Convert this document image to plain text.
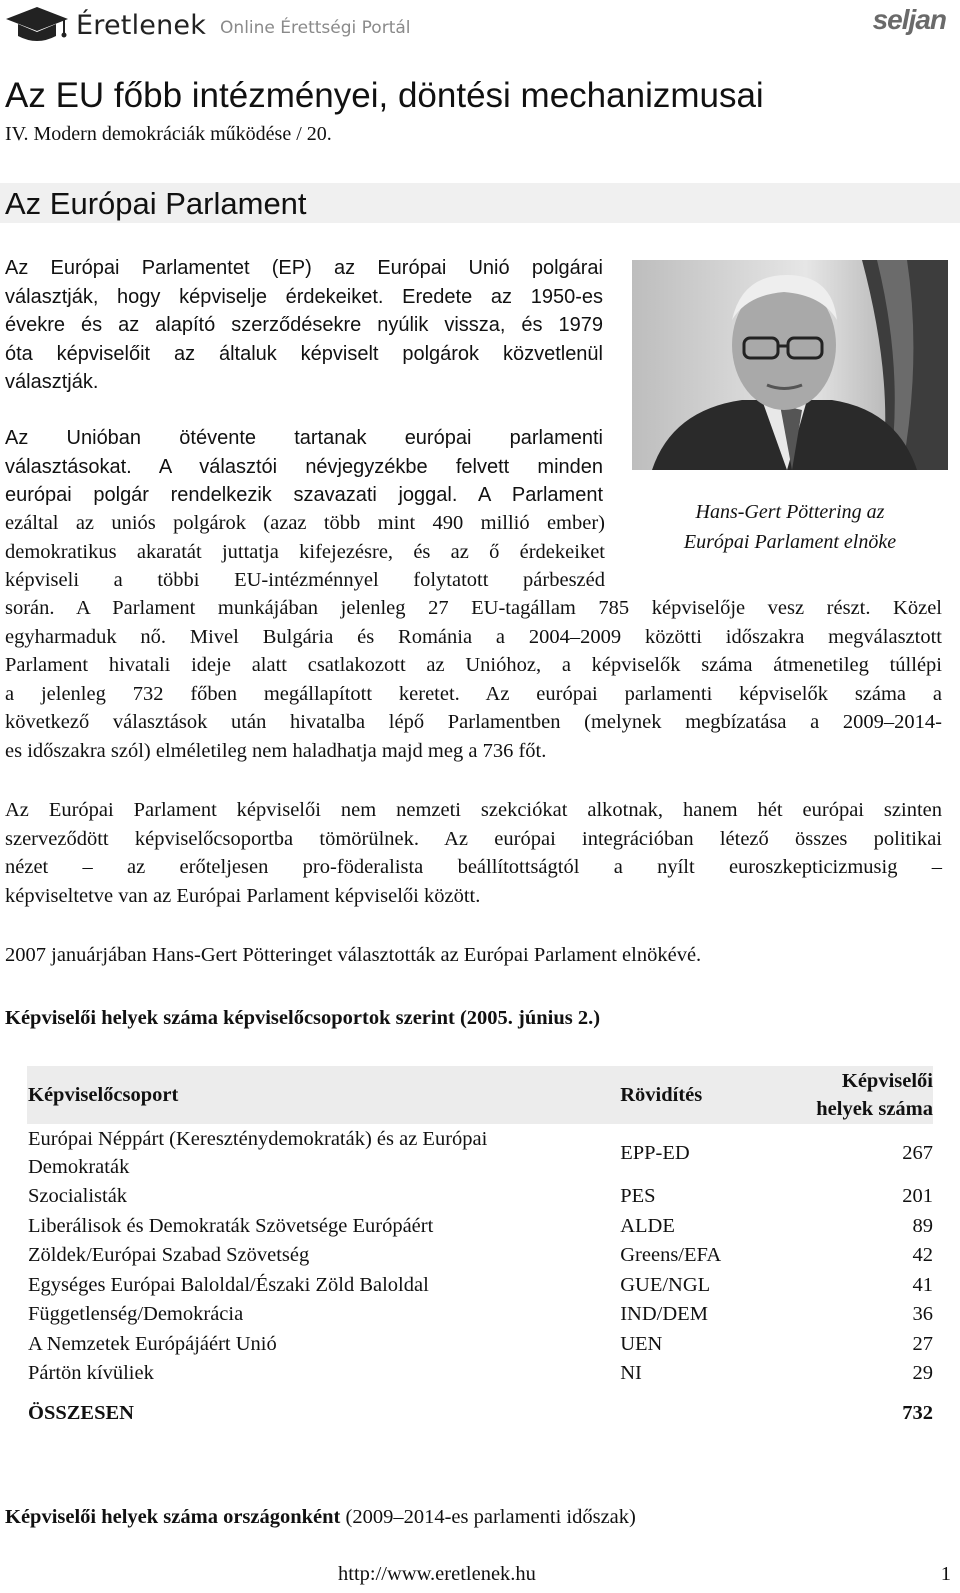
Éretlenek Online Érettségi Portál	seljan
Az EU főbb intézményei, döntési mechanizmusai
IV. Modern demokráciák működése / 20.
Az Európai Parlament
Az Európai Parlamentet (EP) az Európai Unió polgárai
választják, hogy képviselje érdekeiket. Eredete az 1950-es
évekre és az alapító szerződésekre nyúlik vissza, és 1979
óta képviselőit az általuk képviselt polgárok közvetlenül
választják.
Az Unióban ötévente tartanak európai parlamenti
választásokat. A választói névjegyzékbe felvett minden
európai polgár rendelkezik szavazati joggal. A Parlament
ezáltal az uniós polgárok (azaz több mint 490 millió ember)
demokratikus akaratát juttatja kifejezésre, és az ő érdekeiket
képviseli a többi EU-intézménnyel folytatott párbeszéd
során. A Parlament munkájában jelenleg 27 EU-tagállam 785 képviselője vesz részt. Közel
egyharmaduk nő. Mivel Bulgária és Románia a 2004–2009 közötti időszakra megválasztott
Parlament hivatali ideje alatt csatlakozott az Unióhoz, a képviselők száma átmenetileg túllépi
a jelenleg 732 főben megállapított keretet. Az európai parlamenti képviselők száma a
következő választások után hivatalba lépő Parlamentben (melynek megbízatása a 2009–2014-
es időszakra szól) elméletileg nem haladhatja majd meg a 736 főt.
Az Európai Parlament képviselői nem nemzeti szekciókat alkotnak, hanem hét európai szinten
szerveződött képviselőcsoportba tömörülnek. Az európai integrációban létező összes politikai
nézet – az erőteljesen pro-föderalista beállítottságtól a nyílt euroszkepticizmusig –
képviseltetve van az Európai Parlament képviselői között.
2007 januárjában Hans-Gert Pötteringet választották az Európai Parlament elnökévé.
Hans-Gert Pöttering az
Európai Parlament elnöke
Képviselői helyek száma képviselőcsoportok szerint (2005. június 2.)
Képviselőcsoport	Rövidítés	Képviselői
helyek száma

Európai Néppárt (Kereszténydemokraták) és az Európai
Demokraták	EPP-ED	267
Szocialisták	PES	201
Liberálisok és Demokraták Szövetsége Európáért	ALDE	89
Zöldek/Európai Szabad Szövetség	Greens/EFA	42
Egységes Európai Baloldal/Északi Zöld Baloldal	GUE/NGL	41
Függetlenség/Demokrácia	IND/DEM	36
A Nemzetek Európájáért Unió	UEN	27
Pártön kívüliek	NI	29
ÖSSZESEN		732
Képviselői helyek száma országonként (2009–2014-es parlamenti időszak)
http://www.eretlenek.hu	1
